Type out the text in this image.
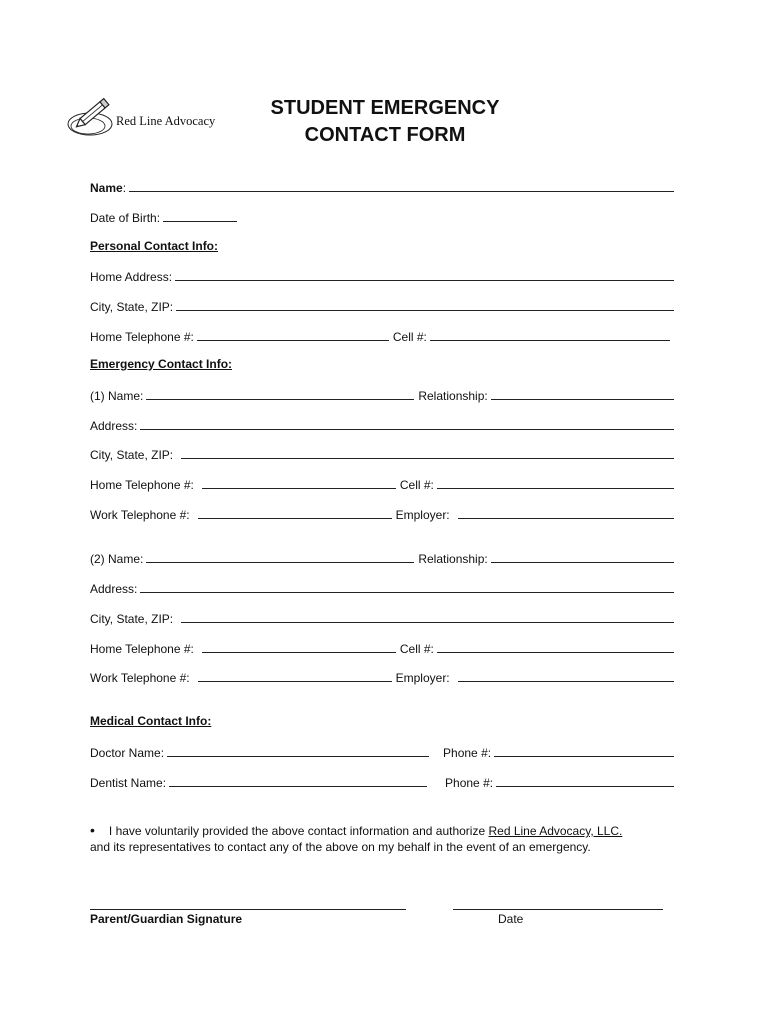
Red Line Advocacy
STUDENT EMERGENCY
CONTACT FORM
Name :
Date of Birth:
Personal Contact Info:
Home Address:
City, State, ZIP:
Home Telephone #:	Cell #:
Emergency Contact Info:
(1) Name:	Relationship:
Address:
City, State, ZIP:
Home Telephone #:	Cell #:
Work Telephone #:	Employer:
(2) Name:	Relationship:
Address:
City, State, ZIP:
Home Telephone #:	Cell #:
Work Telephone #:	Employer:
Medical Contact Info:
Doctor Name:	Phone #:
Dentist Name:	Phone #:
• I have voluntarily provided the above contact information and authorize Red Line Advocacy, LLC.
and its representatives to contact any of the above on my behalf in the event of an emergency.
Parent/Guardian Signature	Date
